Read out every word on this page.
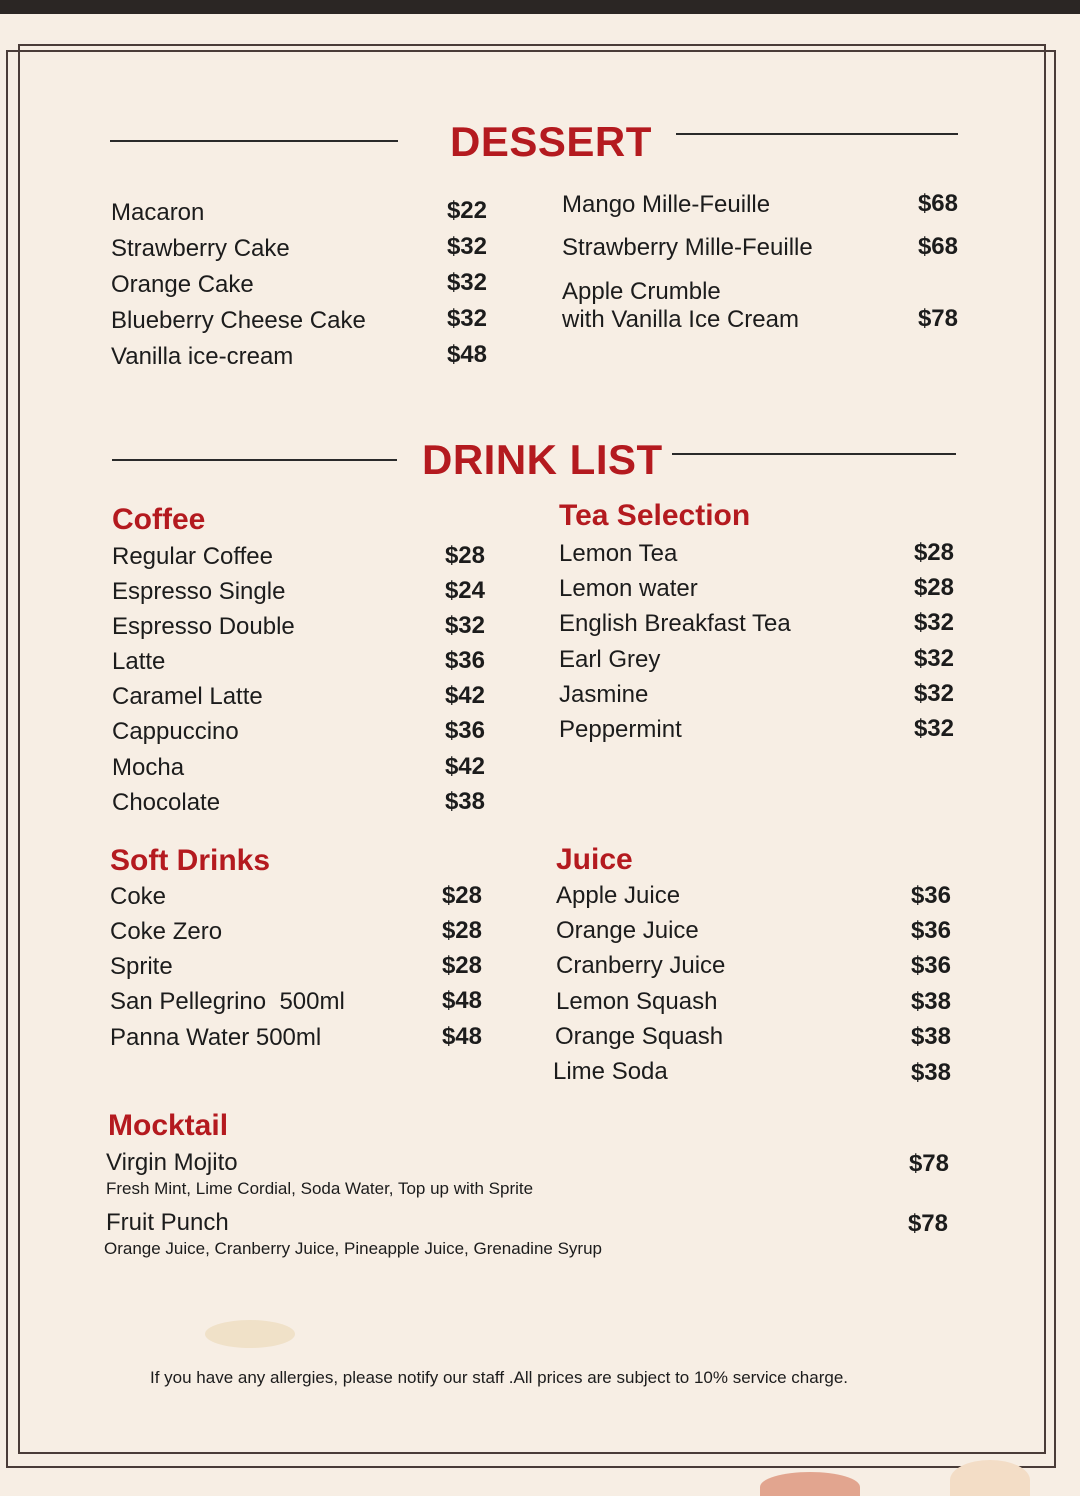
DESSERT
Macaron	$22
Strawberry Cake	$32
Orange Cake	$32
Blueberry Cheese Cake	$32
Vanilla ice-cream	$48
Mango Mille-Feuille	$68
Strawberry Mille-Feuille	$68
Apple Crumble
with Vanilla Ice Cream	$78
DRINK LIST
Coffee
Regular Coffee	$28
Espresso Single	$24
Espresso Double	$32
Latte	$36
Caramel Latte	$42
Cappuccino	$36
Mocha	$42
Chocolate	$38
Tea Selection
Lemon Tea	$28
Lemon water	$28
English Breakfast Tea	$32
Earl Grey	$32
Jasmine	$32
Peppermint	$32
Soft Drinks
Coke	$28
Coke Zero	$28
Sprite	$28
San Pellegrino  500ml	$48
Panna Water 500ml	$48
Juice
Apple Juice	$36
Orange Juice	$36
Cranberry Juice	$36
Lemon Squash	$38
Orange Squash	$38
Lime Soda	$38
Mocktail
Virgin Mojito	$78
Fresh Mint, Lime Cordial, Soda Water, Top up with Sprite
Fruit Punch	$78
Orange Juice, Cranberry Juice, Pineapple Juice, Grenadine Syrup
If you have any allergies, please notify our staff .All prices are subject to 10% service charge.
